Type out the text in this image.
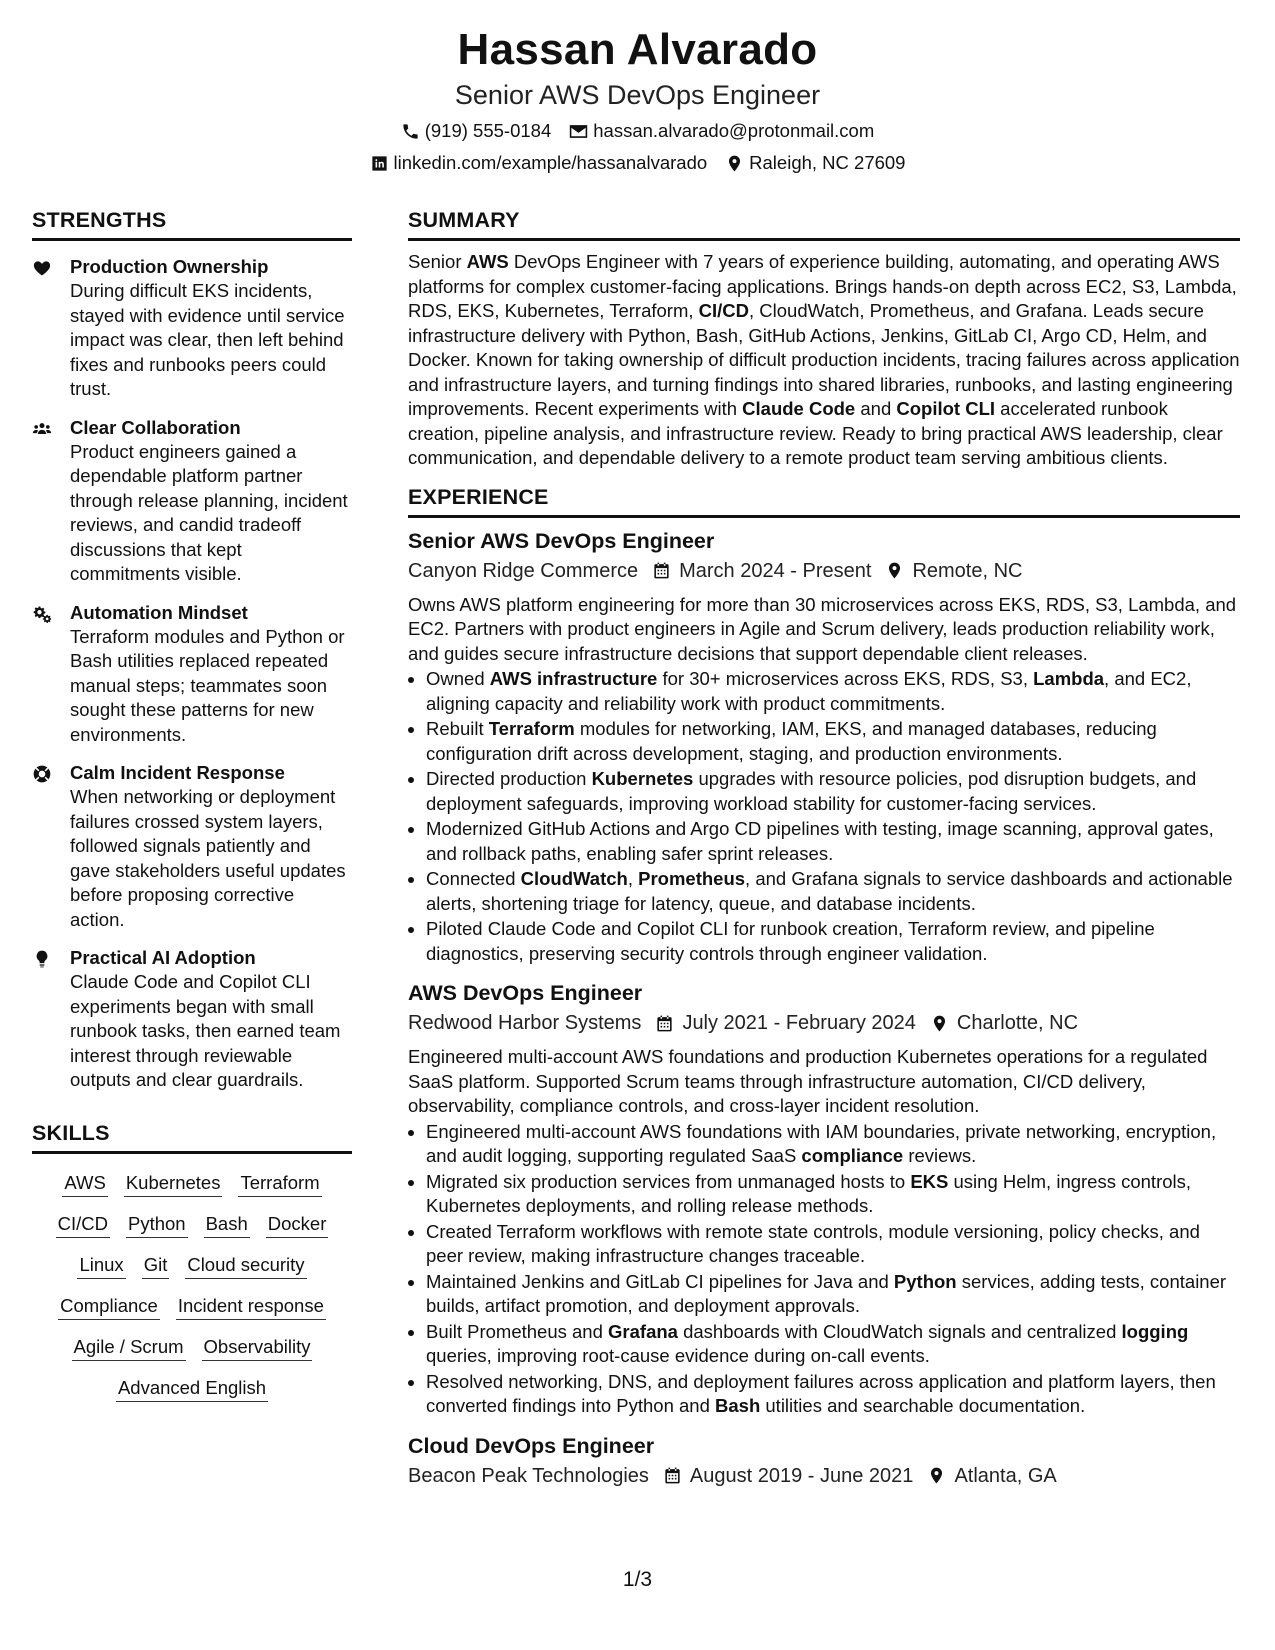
Hassan Alvarado
Senior AWS DevOps Engineer
(919) 555-0184 hassan.alvarado@protonmail.com
linkedin.com/example/hassanalvarado Raleigh, NC 27609
STRENGTHS
Production Ownership
During difficult EKS incidents, stayed with evidence until service impact was clear, then left behind fixes and runbooks peers could trust.
Clear Collaboration
Product engineers gained a dependable platform partner through release planning, incident reviews, and candid tradeoff discussions that kept commitments visible.
Automation Mindset
Terraform modules and Python or Bash utilities replaced repeated manual steps; teammates soon sought these patterns for new environments.
Calm Incident Response
When networking or deployment failures crossed system layers, followed signals patiently and gave stakeholders useful updates before proposing corrective action.
Practical AI Adoption
Claude Code and Copilot CLI experiments began with small runbook tasks, then earned team interest through reviewable outputs and clear guardrails.
SKILLS
AWS Kubernetes Terraform
CI/CD Python Bash Docker
Linux Git Cloud security
Compliance Incident response
Agile / Scrum Observability
Advanced English
SUMMARY
Senior AWS DevOps Engineer with 7 years of experience building, automating, and operating AWS platforms for complex customer-facing applications. Brings hands-on depth across EC2, S3, Lambda, RDS, EKS, Kubernetes, Terraform, CI/CD, CloudWatch, Prometheus, and Grafana. Leads secure infrastructure delivery with Python, Bash, GitHub Actions, Jenkins, GitLab CI, Argo CD, Helm, and Docker. Known for taking ownership of difficult production incidents, tracing failures across application and infrastructure layers, and turning findings into shared libraries, runbooks, and lasting engineering improvements. Recent experiments with Claude Code and Copilot CLI accelerated runbook creation, pipeline analysis, and infrastructure review. Ready to bring practical AWS leadership, clear communication, and dependable delivery to a remote product team serving ambitious clients.
EXPERIENCE
Senior AWS DevOps Engineer
Canyon Ridge Commerce March 2024 - Present Remote, NC
Owns AWS platform engineering for more than 30 microservices across EKS, RDS, S3, Lambda, and EC2. Partners with product engineers in Agile and Scrum delivery, leads production reliability work, and guides secure infrastructure decisions that support dependable client releases.
• Owned AWS infrastructure for 30+ microservices across EKS, RDS, S3, Lambda, and EC2, aligning capacity and reliability work with product commitments.
• Rebuilt Terraform modules for networking, IAM, EKS, and managed databases, reducing configuration drift across development, staging, and production environments.
• Directed production Kubernetes upgrades with resource policies, pod disruption budgets, and deployment safeguards, improving workload stability for customer-facing services.
• Modernized GitHub Actions and Argo CD pipelines with testing, image scanning, approval gates, and rollback paths, enabling safer sprint releases.
• Connected CloudWatch, Prometheus, and Grafana signals to service dashboards and actionable alerts, shortening triage for latency, queue, and database incidents.
• Piloted Claude Code and Copilot CLI for runbook creation, Terraform review, and pipeline diagnostics, preserving security controls through engineer validation.
AWS DevOps Engineer
Redwood Harbor Systems July 2021 - February 2024 Charlotte, NC
Engineered multi-account AWS foundations and production Kubernetes operations for a regulated SaaS platform. Supported Scrum teams through infrastructure automation, CI/CD delivery, observability, compliance controls, and cross-layer incident resolution.
• Engineered multi-account AWS foundations with IAM boundaries, private networking, encryption, and audit logging, supporting regulated SaaS compliance reviews.
• Migrated six production services from unmanaged hosts to EKS using Helm, ingress controls, Kubernetes deployments, and rolling release methods.
• Created Terraform workflows with remote state controls, module versioning, policy checks, and peer review, making infrastructure changes traceable.
• Maintained Jenkins and GitLab CI pipelines for Java and Python services, adding tests, container builds, artifact promotion, and deployment approvals.
• Built Prometheus and Grafana dashboards with CloudWatch signals and centralized logging queries, improving root-cause evidence during on-call events.
• Resolved networking, DNS, and deployment failures across application and platform layers, then converted findings into Python and Bash utilities and searchable documentation.
Cloud DevOps Engineer
Beacon Peak Technologies August 2019 - June 2021 Atlanta, GA
1/3
